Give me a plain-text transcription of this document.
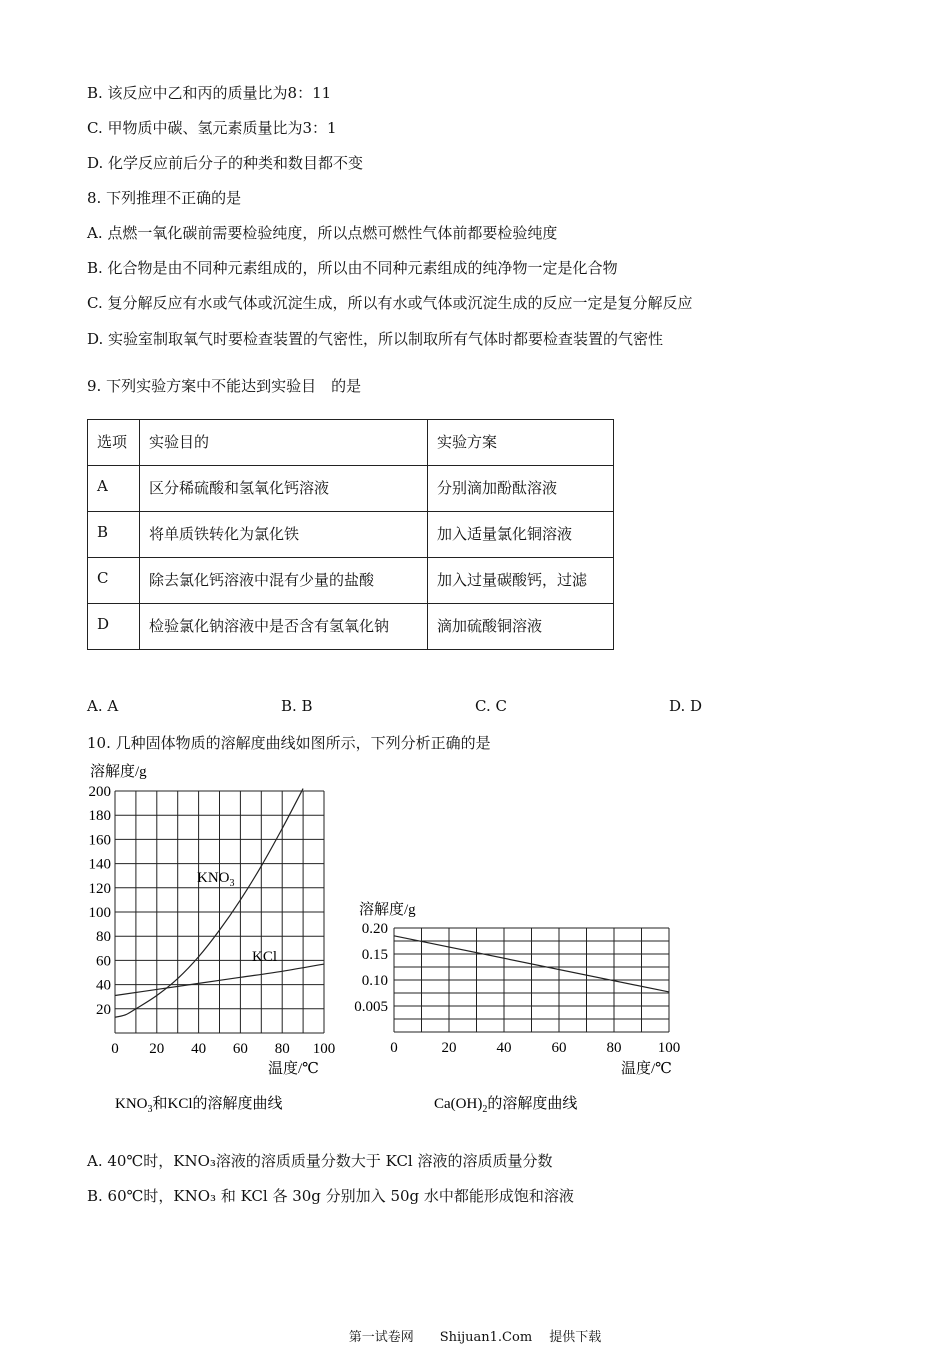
B. 该反应中乙和丙的质量比为8：11
C. 甲物质中碳、氢元素质量比为3：1
D. 化学反应前后分子的种类和数目都不变
8. 下列推理不正确的是
A. 点燃一氧化碳前需要检验纯度，所以点燃可燃性气体前都要检验纯度
B. 化合物是由不同种元素组成的，所以由不同种元素组成的纯净物一定是化合物
C. 复分解反应有水或气体或沉淀生成，所以有水或气体或沉淀生成的反应一定是复分解反应
D. 实验室制取氧气时要检查装置的气密性，所以制取所有气体时都要检查装置的气密性
9. 下列实验方案中不能达到实验目　的是
选项	实验目的	实验方案
A	区分稀硫酸和氢氧化钙溶液	分别滴加酚酞溶液
B	将单质铁转化为氯化铁	加入适量氯化铜溶液
C	除去氯化钙溶液中混有少量的盐酸	加入过量碳酸钙，过滤
D	检验氯化钠溶液中是否含有氢氧化钠	滴加硫酸铜溶液
A. A	B. B	C. C	D. D
10. 几种固体物质的溶解度曲线如图所示，下列分析正确的是
溶解度/g
20
40
60
80
100
120
140
160
180
200
0 20 40 60 80 100
$KNO_3$
KCl
温度/℃
$KNO_3$和KCl的溶解度曲线
溶解度/g
0.005
0.10
0.15
0.20
0	20	40	60	80 100
温度/℃
$Ca(OH)_2$的溶解度曲线
A. 40℃时，KNO₃溶液的溶质质量分数大于 KCl 溶液的溶质质量分数
B. 60℃时，KNO₃ 和 KCl 各 30g 分别加入 50g 水中都能形成饱和溶液
第一试卷网　　Shijuan1.Com　 提供下载
